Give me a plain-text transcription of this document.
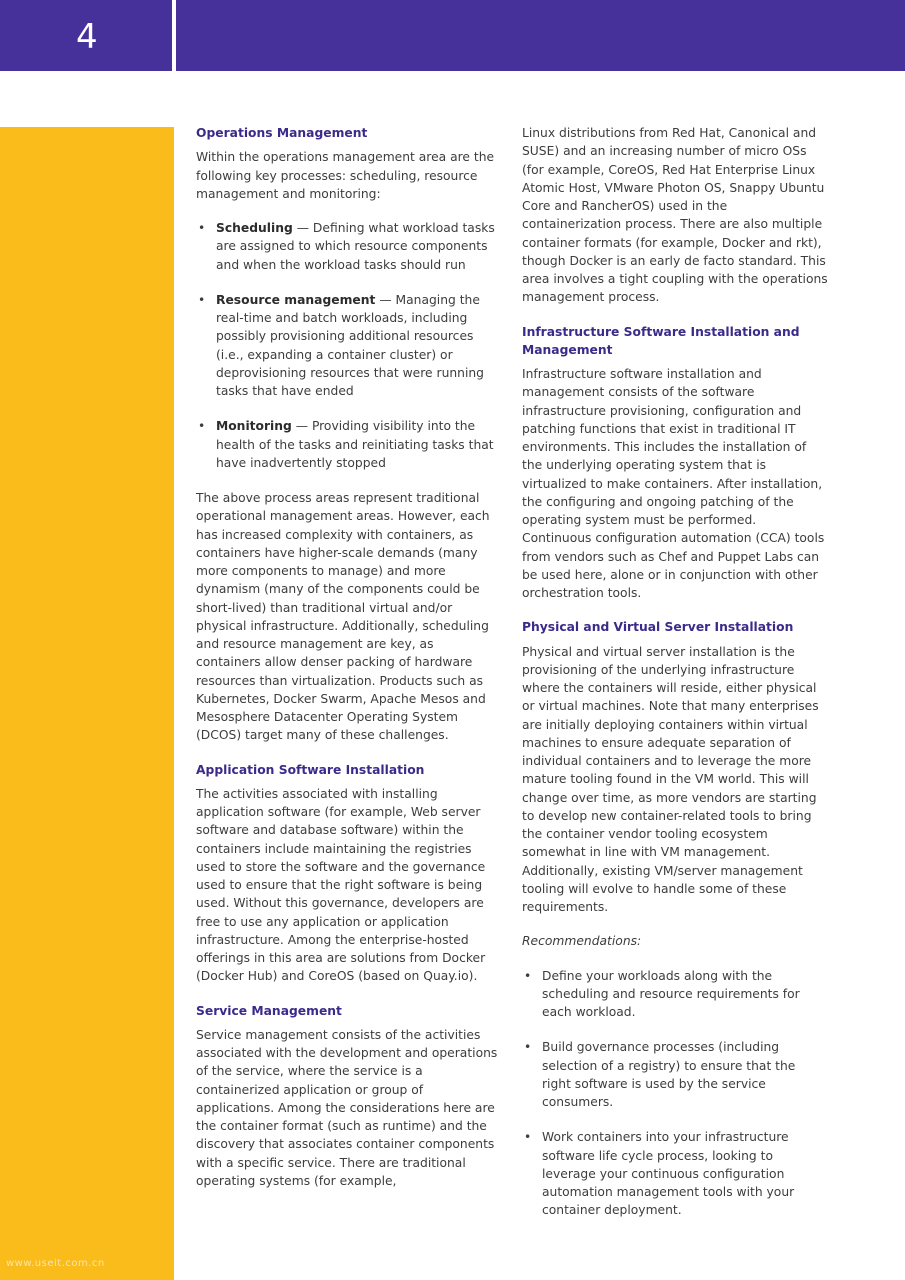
4
www.useit.com.cn
Operations Management

Within the operations management area are the following key processes: scheduling, resource management and monitoring:

• Scheduling — Defining what workload tasks are assigned to which resource components and when the workload tasks should run
• Resource management — Managing the real-time and batch workloads, including possibly provisioning additional resources (i.e., expanding a container cluster) or deprovisioning resources that were running tasks that have ended
• Monitoring — Providing visibility into the health of the tasks and reinitiating tasks that have inadvertently stopped

The above process areas represent traditional operational management areas. However, each has increased complexity with containers, as containers have higher-scale demands (many more components to manage) and more dynamism (many of the components could be short-lived) than traditional virtual and/or physical infrastructure. Additionally, scheduling and resource management are key, as containers allow denser packing of hardware resources than virtualization. Products such as Kubernetes, Docker Swarm, Apache Mesos and Mesosphere Datacenter Operating System (DCOS) target many of these challenges.

Application Software Installation

The activities associated with installing application software (for example, Web server software and database software) within the containers include maintaining the registries used to store the software and the governance used to ensure that the right software is being used. Without this governance, developers are free to use any application or application infrastructure. Among the enterprise-hosted offerings in this area are solutions from Docker (Docker Hub) and CoreOS (based on Quay.io).

Service Management

Service management consists of the activities associated with the development and operations of the service, where the service is a containerized application or group of applications. Among the considerations here are the container format (such as runtime) and the discovery that associates container components with a specific service. There are traditional operating systems (for example,

Linux distributions from Red Hat, Canonical and SUSE) and an increasing number of micro OSs (for example, CoreOS, Red Hat Enterprise Linux Atomic Host, VMware Photon OS, Snappy Ubuntu Core and RancherOS) used in the containerization process. There are also multiple container formats (for example, Docker and rkt), though Docker is an early de facto standard. This area involves a tight coupling with the operations management process.

Infrastructure Software Installation and Management

Infrastructure software installation and management consists of the software infrastructure provisioning, configuration and patching functions that exist in traditional IT environments. This includes the installation of the underlying operating system that is virtualized to make containers. After installation, the configuring and ongoing patching of the operating system must be performed. Continuous configuration automation (CCA) tools from vendors such as Chef and Puppet Labs can be used here, alone or in conjunction with other orchestration tools.

Physical and Virtual Server Installation

Physical and virtual server installation is the provisioning of the underlying infrastructure where the containers will reside, either physical or virtual machines. Note that many enterprises are initially deploying containers within virtual machines to ensure adequate separation of individual containers and to leverage the more mature tooling found in the VM world. This will change over time, as more vendors are starting to develop new container-related tools to bring the container vendor tooling ecosystem somewhat in line with VM management. Additionally, existing VM/server management tooling will evolve to handle some of these requirements.

Recommendations:

• Define your workloads along with the scheduling and resource requirements for each workload.
• Build governance processes (including selection of a registry) to ensure that the right software is used by the service consumers.
• Work containers into your infrastructure software life cycle process, looking to leverage your continuous configuration automation management tools with your container deployment.
